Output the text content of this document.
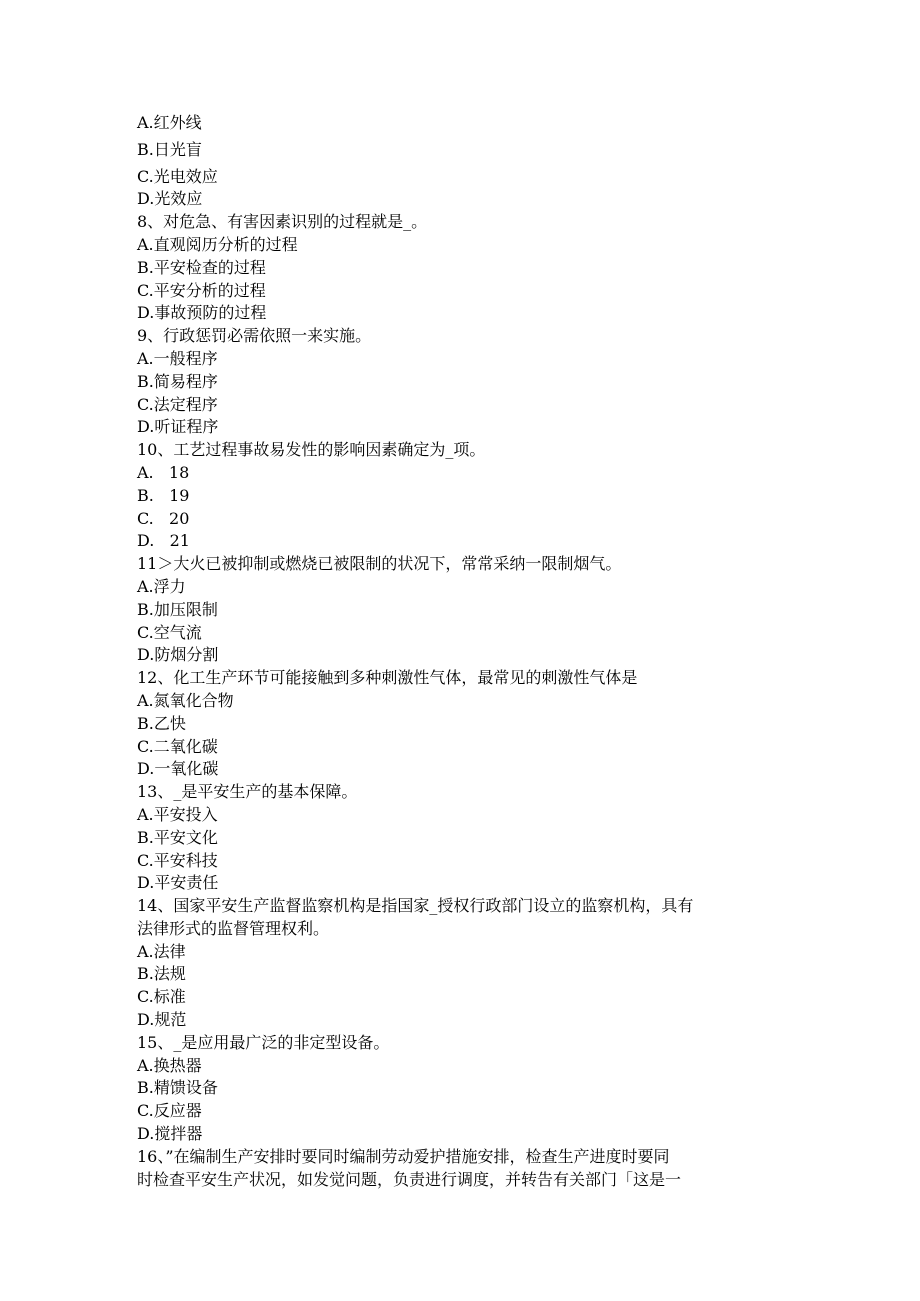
A.红外线
B.日光盲
C.光电效应
D.光效应
8、对危急、有害因素识别的过程就是_。
A.直观阅历分析的过程
B.平安检查的过程
C.平安分析的过程
D.事故预防的过程
9、行政惩罚必需依照一来实施。
A.一般程序
B.简易程序
C.法定程序
D.听证程序
10、工艺过程事故易发性的影响因素确定为_项。
A.   18
B.   19
C.   20
D.   21
11＞大火已被抑制或燃烧已被限制的状况下，常常采纳一限制烟气。
A.浮力
B.加压限制
C.空气流
D.防烟分割
12、化工生产环节可能接触到多种刺激性气体，最常见的刺激性气体是
A.氮氧化合物
B.乙快
C.二氧化碳
D.一氧化碳
13、_是平安生产的基本保障。
A.平安投入
B.平安文化
C.平安科技
D.平安责任
14、国家平安生产监督监察机构是指国家_授权行政部门设立的监察机构，具有
法律形式的监督管理权利。
A.法律
B.法规
C.标准
D.规范
15、_是应用最广泛的非定型设备。
A.换热器
B.精馈设备
C.反应器
D.搅拌器
16、”在编制生产安排时要同时编制劳动爱护措施安排，检查生产进度时要同
时检查平安生产状况，如发觉问题，负责进行调度，并转告有关部门「这是一
